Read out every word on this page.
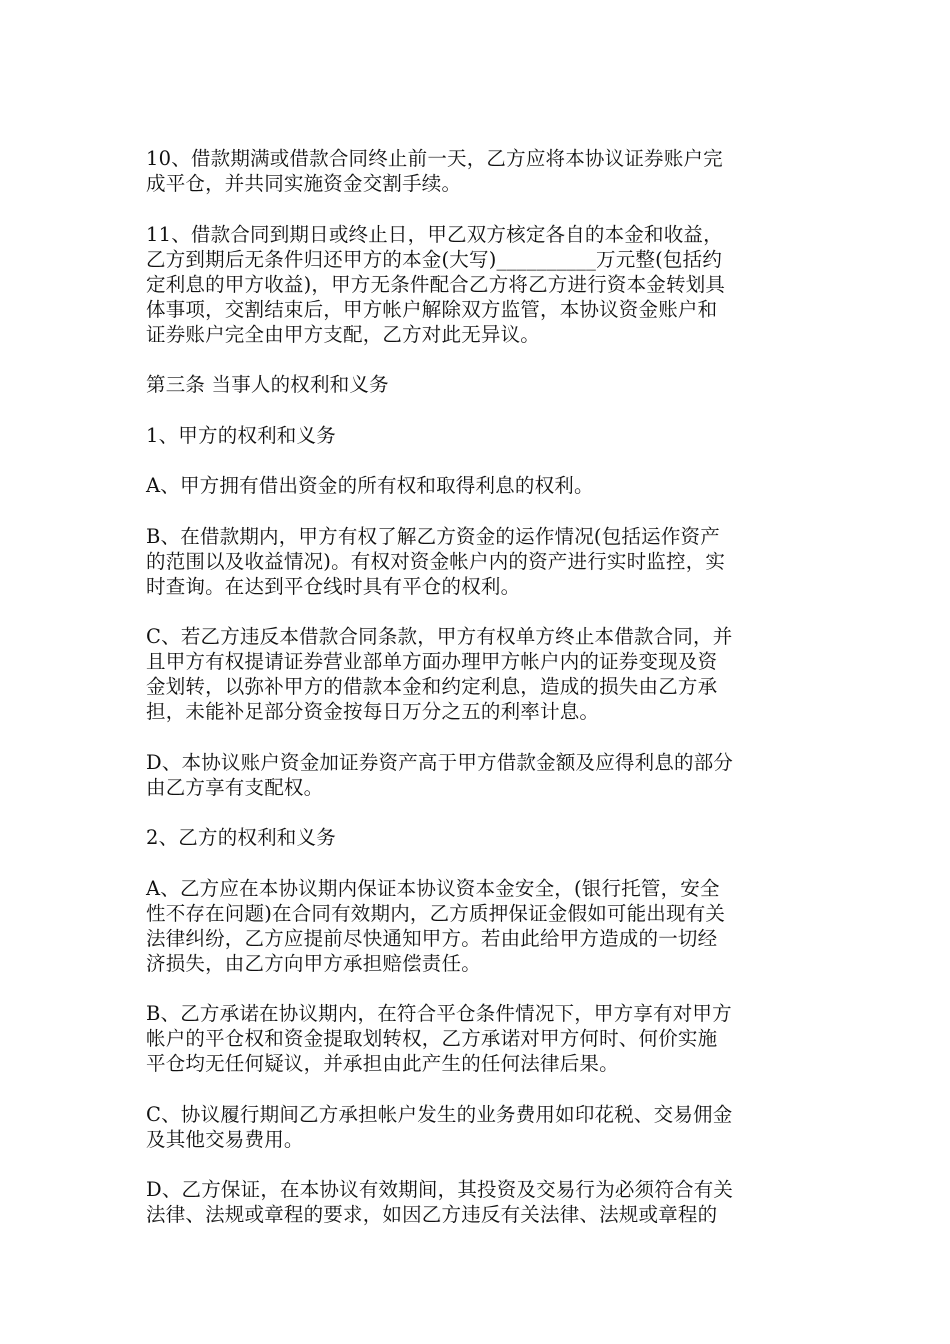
10、借款期满或借款合同终止前一天，乙方应将本协议证券账户完
成平仓，并共同实施资金交割手续。

11、借款合同到期日或终止日，甲乙双方核定各自的本金和收益，
乙方到期后无条件归还甲方的本金(大写)__________万元整(包括约
定利息的甲方收益)，甲方无条件配合乙方将乙方进行资本金转划具
体事项，交割结束后，甲方帐户解除双方监管，本协议资金账户和
证券账户完全由甲方支配，乙方对此无异议。

第三条 当事人的权利和义务

1、甲方的权利和义务

A、甲方拥有借出资金的所有权和取得利息的权利。

B、在借款期内，甲方有权了解乙方资金的运作情况(包括运作资产
的范围以及收益情况)。有权对资金帐户内的资产进行实时监控，实
时查询。在达到平仓线时具有平仓的权利。

C、若乙方违反本借款合同条款，甲方有权单方终止本借款合同，并
且甲方有权提请证券营业部单方面办理甲方帐户内的证券变现及资
金划转，以弥补甲方的借款本金和约定利息，造成的损失由乙方承
担，未能补足部分资金按每日万分之五的利率计息。

D、本协议账户资金加证券资产高于甲方借款金额及应得利息的部分
由乙方享有支配权。

2、乙方的权利和义务

A、乙方应在本协议期内保证本协议资本金安全，(银行托管，安全
性不存在问题)在合同有效期内，乙方质押保证金假如可能出现有关
法律纠纷，乙方应提前尽快通知甲方。若由此给甲方造成的一切经
济损失，由乙方向甲方承担赔偿责任。

B、乙方承诺在协议期内，在符合平仓条件情况下，甲方享有对甲方
帐户的平仓权和资金提取划转权，乙方承诺对甲方何时、何价实施
平仓均无任何疑议，并承担由此产生的任何法律后果。

C、协议履行期间乙方承担帐户发生的业务费用如印花税、交易佣金
及其他交易费用。

D、乙方保证，在本协议有效期间，其投资及交易行为必须符合有关
法律、法规或章程的要求，如因乙方违反有关法律、法规或章程的
